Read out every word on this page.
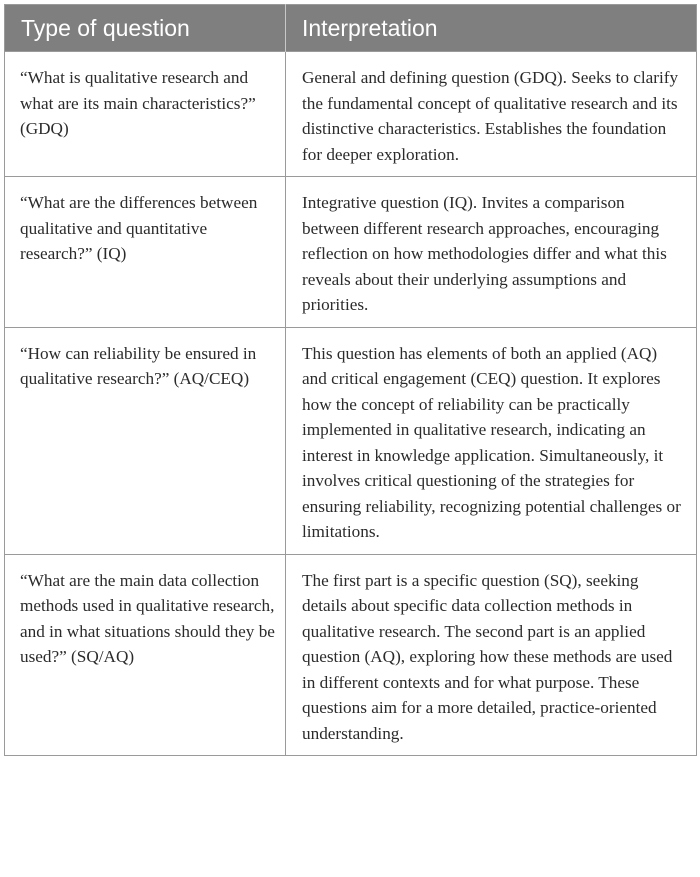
Type of question	Interpretation
“What is qualitative research and what are its main characteristics?” (GDQ)	General and defining question (GDQ). Seeks to clarify the fundamental concept of qualitative research and its distinctive characteristics. Establishes the foundation for deeper exploration.
“What are the differences between qualitative and quantitative research?” (IQ)	Integrative question (IQ). Invites a comparison between different research approaches, encouraging reflection on how methodologies differ and what this reveals about their underlying assumptions and priorities.
“How can reliability be ensured in qualitative research?” (AQ/CEQ)	This question has elements of both an applied (AQ) and critical engagement (CEQ) question. It explores how the concept of reliability can be practically implemented in qualitative research, indicating an interest in knowledge application. Simultaneously, it involves critical questioning of the strategies for ensuring reliability, recognizing potential challenges or limitations.
“What are the main data collection methods used in qualitative research, and in what situations should they be used?” (SQ/AQ)	The first part is a specific question (SQ), seeking details about specific data collection methods in qualitative research. The second part is an applied question (AQ), exploring how these methods are used in different contexts and for what purpose. These questions aim for a more detailed, practice-oriented understanding.
